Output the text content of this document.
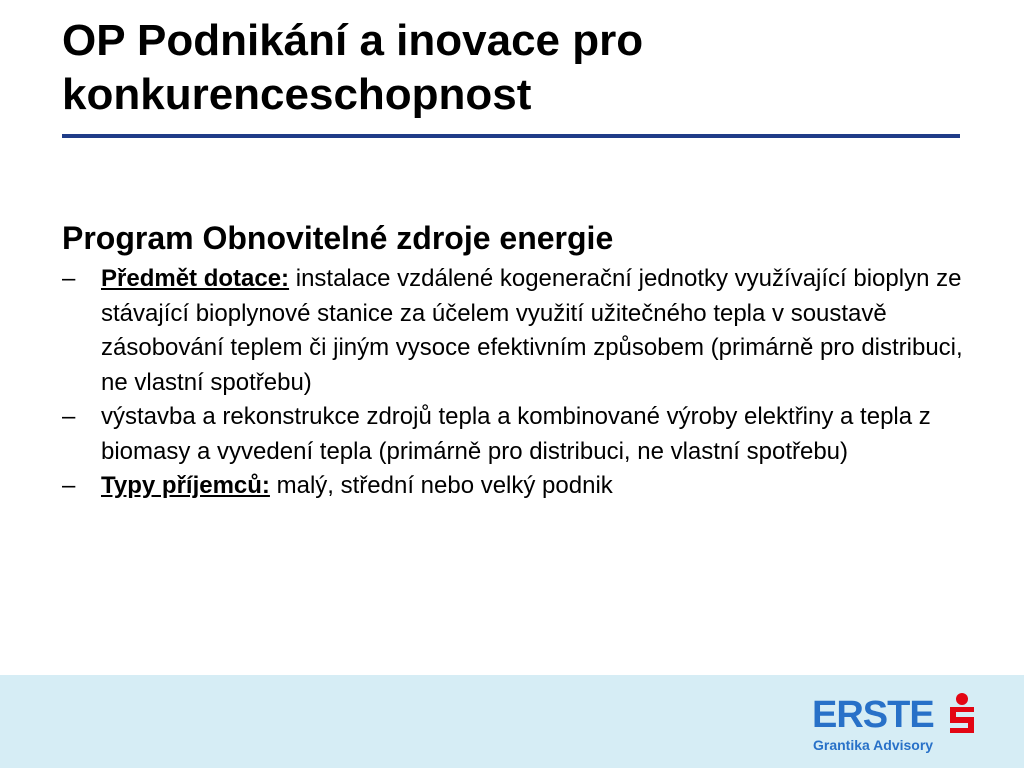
OP Podnikání a inovace pro konkurenceschopnost
Program Obnovitelné zdroje energie
– Předmět dotace: instalace vzdálené kogenerační jednotky využívající bioplyn ze stávající bioplynové stanice za účelem využití užitečného tepla v soustavě zásobování teplem či jiným vysoce efektivním způsobem (primárně pro distribuci, ne vlastní spotřebu)
– výstavba a rekonstrukce zdrojů tepla a kombinované výroby elektřiny a tepla z biomasy a vyvedení tepla (primárně pro distribuci, ne vlastní spotřebu)
– Typy příjemců: malý, střední nebo velký podnik
ERSTE
Grantika Advisory
